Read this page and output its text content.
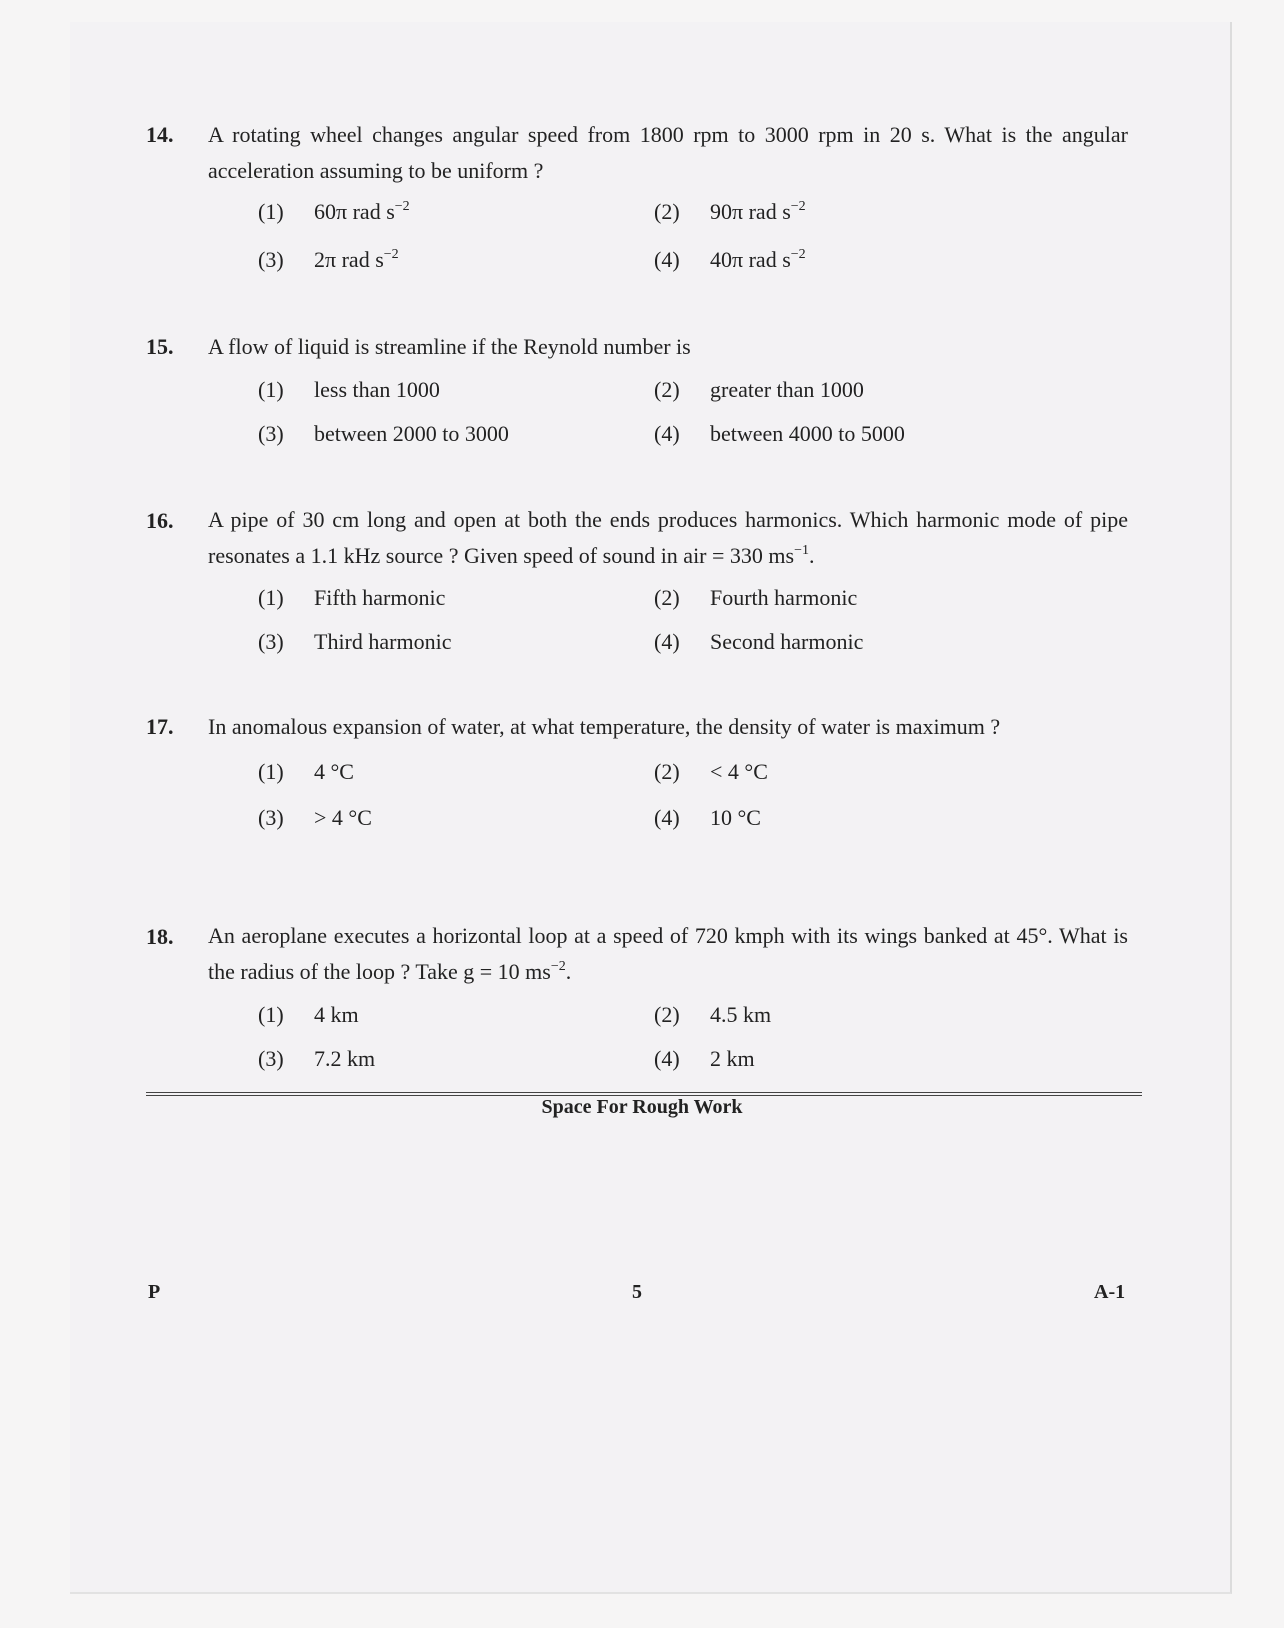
14. A rotating wheel changes angular speed from 1800 rpm to 3000 rpm in 20 s. What is the angular acceleration assuming to be uniform ?
(1) 60π rad $s^{-2}$	(2) 90π rad $s^{-2}$
(3) 2π rad $s^{-2}$	(4) 40π rad $s^{-2}$
15. A flow of liquid is streamline if the Reynold number is
(1) less than 1000	(2) greater than 1000
(3) between 2000 to 3000	(4) between 4000 to 5000
16. A pipe of 30 cm long and open at both the ends produces harmonics. Which harmonic mode of pipe resonates a 1.1 kHz source ? Given speed of sound in air = 330 $ms^{-1}$.
(1) Fifth harmonic	(2) Fourth harmonic
(3) Third harmonic	(4) Second harmonic
17. In anomalous expansion of water, at what temperature, the density of water is maximum ?
(1) 4 °C	(2) < 4 °C
(3) > 4 °C	(4) 10 °C
18. An aeroplane executes a horizontal loop at a speed of 720 kmph with its wings banked at 45°. What is the radius of the loop ? Take g = 10 $ms^{-2}$.
(1) 4 km	(2) 4.5 km
(3) 7.2 km	(4) 2 km
Space For Rough Work
P	5	A-1
